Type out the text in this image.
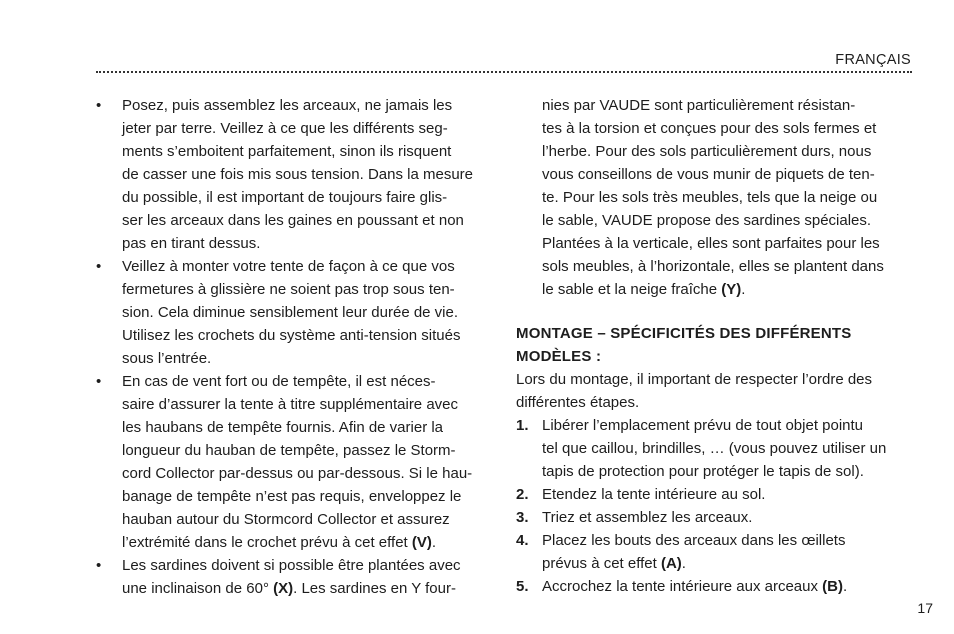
FRANÇAIS
• Posez, puis assemblez les arceaux, ne jamais les
jeter par terre. Veillez à ce que les différents seg-
ments s’emboitent parfaitement, sinon ils risquent
de casser une fois mis sous tension. Dans la mesure
du possible, il est important de toujours faire glis-
ser les arceaux dans les gaines en poussant et non
pas en tirant dessus.
• Veillez à monter votre tente de façon à ce que vos
fermetures à glissière ne soient pas trop sous ten-
sion. Cela diminue sensiblement leur durée de vie.
Utilisez les crochets du système anti-tension situés
sous l’entrée.
• En cas de vent fort ou de tempête, il est néces-
saire d’assurer la tente à titre supplémentaire avec
les haubans de tempête fournis. Afin de varier la
longueur du hauban de tempête, passez le Storm-
cord Collector par-dessus ou par-dessous. Si le hau-
banage de tempête n’est pas requis, enveloppez le
hauban autour du Stormcord Collector et assurez
l’extrémité dans le crochet prévu à cet effet (V).
• Les sardines doivent si possible être plantées avec
une inclinaison de 60° (X). Les sardines en Y four-
nies par VAUDE sont particulièrement résistan-
tes à la torsion et conçues pour des sols fermes et
l’herbe. Pour des sols particulièrement durs, nous
vous conseillons de vous munir de piquets de ten-
te. Pour les sols très meubles, tels que la neige ou
le sable, VAUDE propose des sardines spéciales.
Plantées à la verticale, elles sont parfaites pour les
sols meubles, à l’horizontale, elles se plantent dans
le sable et la neige fraîche (Y).
MONTAGE – SPÉCIFICITÉS DES DIFFÉRENTS
MODÈLES :
Lors du montage, il important de respecter l’ordre des
différentes étapes.
1. Libérer l’emplacement prévu de tout objet pointu
tel que caillou, brindilles, … (vous pouvez utiliser un
tapis de protection pour protéger le tapis de sol).
2. Etendez la tente intérieure au sol.
3. Triez et assemblez les arceaux.
4. Placez les bouts des arceaux dans les œillets
prévus à cet effet (A).
5. Accrochez la tente intérieure aux arceaux (B).
17
